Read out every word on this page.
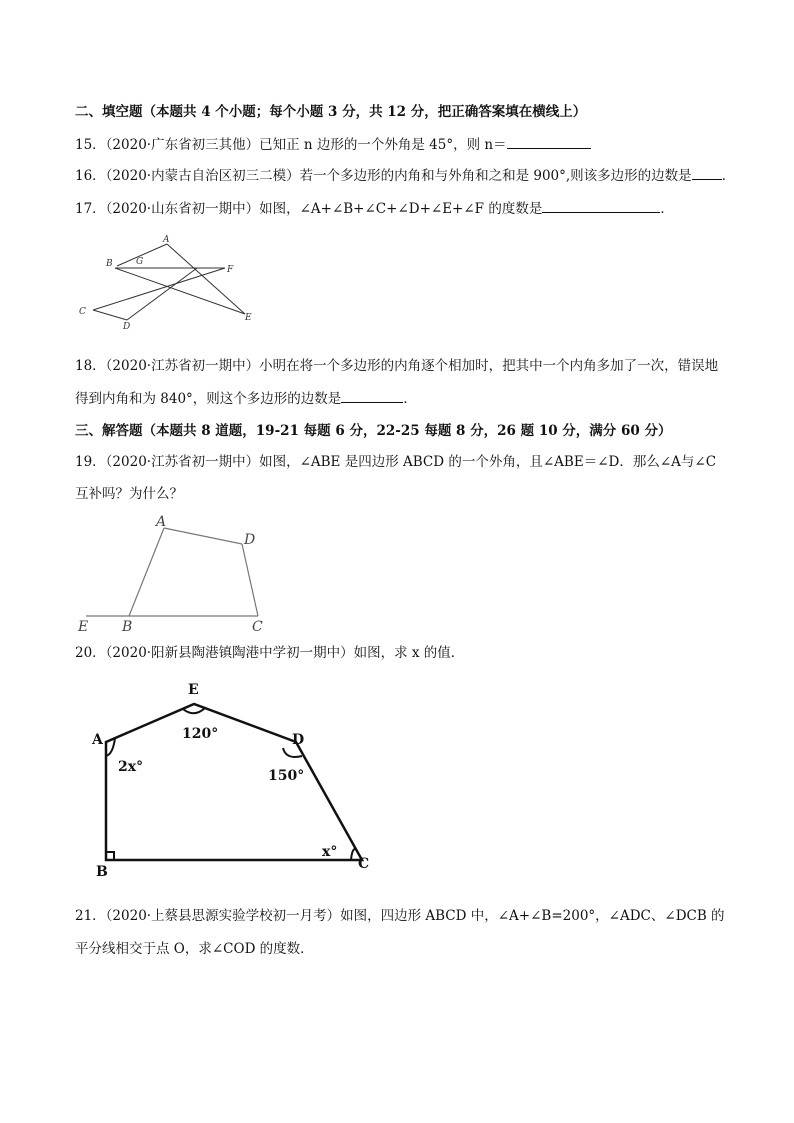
二、填空题（本题共 4 个小题；每个小题 3 分，共 12 分，把正确答案填在横线上）
15．（2020·广东省初三其他）已知正 n 边形的一个外角是 45°，则 n＝
16．（2020·内蒙古自治区初三二模）若一个多边形的内角和与外角和之和是 900°,则该多边形的边数是 ．
17．（2020·山东省初一期中）如图，∠A+∠B+∠C+∠D+∠E+∠F 的度数是	．
A
B	G
F
C
D
E
18．（2020·江苏省初一期中）小明在将一个多边形的内角逐个相加时，把其中一个内角多加了一次，错误地
得到内角和为 840°，则这个多边形的边数是	．
三、解答题（本题共 8 道题，19-21 每题 6 分，22-25 每题 8 分，26 题 10 分，满分 60 分）
19．（2020·江苏省初一期中）如图，∠ABE 是四边形 ABCD 的一个外角，且∠ABE＝∠D．那么∠A与∠C
互补吗？为什么？
A
D
E B	C
20．（2020·阳新县陶港镇陶港中学初一期中）如图，求 x 的值．
E
A	D
B	C
120°
2x°
150°
x°
21．（2020·上蔡县思源实验学校初一月考）如图，四边形 ABCD 中，∠A+∠B=200°，∠ADC、∠DCB 的
平分线相交于点 O，求∠COD 的度数．
